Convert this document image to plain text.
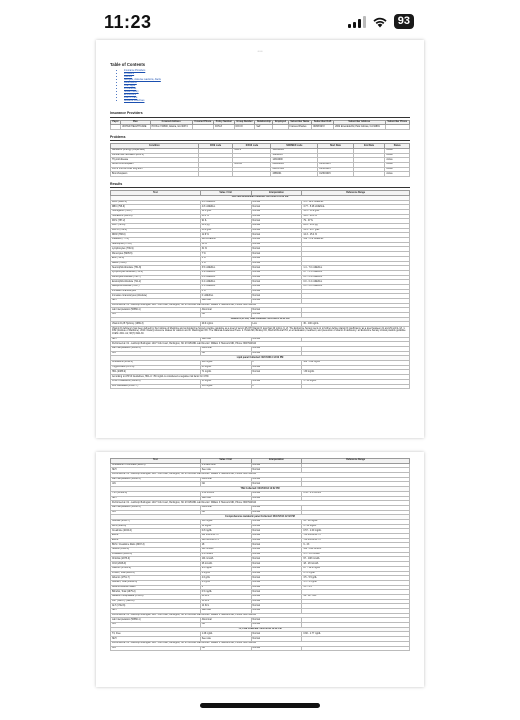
11:23	93
• • •
Table of Contents
• Insurance Providers
• Problems
• Results
• Allergies, Adverse reactions, Alerts
• Medications
• Vital Signs
• Procedures
• Social History
• Encounters
• Plan of Care
• Advance Directives
Insurance Providers
Payer	Plan	Covered Address	Covered Phone	Policy Number	Group Number	Relationship	Employed	Subscriber Name	Subscriber DoB	Subscriber Address	Subscriber Phone
	UNITED HEALTHCARE	PO Box 740800, Atlanta, GA 30374		DOV-8	DOV-8	Self		Frances Rhodes	08/08/1972	2062 Emeralda Rd, Palo Colinas, CA 92881	
Problems
Condition	ICD9 code	ICD10 code	SNOMED code	Start Date	End Date	Status
Backache (finding) (unspecified)		M54.9	161891005			Active
Lumbar disc herniation (M51.2)			11830004			Active
Thyroid disease			14304000			Active
Acute bronchospasm		R06.82	269966005	01/30/2015		Active
ICD-9 V58.69 Other long term			268517004	01/30/2015		Active
Bronchospasm			4386001	01/30/2015		Active
Results
Test	Value / Unit	Interpretation	Reference Range
CBC and differential Collected: 06/17/2014 12:02 PM			
WBC (WBC-3)	6.0 x10E3/uL	Normal	3.4 - 10.8 x10E3/uL
RBC (758-6)	4.8 x10E6/uL	Normal	3.77 - 5.28 x10E6/uL
Hemoglobin (718-7)	14.5 g/dL	Normal	11.1 - 15.9 g/dL
Hematocrit (4544-3)	43.5 %	Normal	34.0 - 46.6 %
MCV (787-2)	91 fL	Normal	79 - 97 fL
MCH (785-6)	30.5 pg	Normal	26.6 - 33.0 pg
MCHC (786-4)	33.4 g/dL	Normal	31.5 - 35.7 g/dL
RDW (788-0)	12.9 %	Normal	12.3 - 15.4 %
Platelets (777-3)	249 x10E3/uL	Normal	150 - 379 x10E3/uL
Neutrophils (770-8)	58 %	Normal	
Lymphocytes (736-9)	31 %	Normal	
Monocytes (5905-5)	7 %	Normal	
Eos (713-8)	3 %	Normal	
Basos (706-2)	1 %	Normal	
Neutrophils Absolute (751-8)	3.5 x10E3/uL	Normal	1.4 - 7.0 x10E3/uL
Lymphocytes Absolute (731-0)	1.9 x10E3/uL	Normal	0.7 - 3.1 x10E3/uL
Monocytes Absolute (742-7)	0.4 x10E3/uL	Normal	0.1 - 0.9 x10E3/uL
Eosinophils Absolute (711-2)	0.2 x10E3/uL	Normal	0.0 - 0.4 x10E3/uL
Basophils Absolute (704-7)	0.1 x10E3/uL	Normal	0.0 - 0.2 x10E3/uL
Immature Granulocytes	0 %	Normal	
Immature Granulocytes (Absolute)	0 x10E3/uL	Normal	
NkH	See note	Normal	
Performed at: 01 - LabCorp Burlington 1447 York Court, Burlington, NC 272153361 Lab Director: William F Hancock MD, Phone: 8007624344			
Lab Interpretation (56850-1)	Abnormal	Normal	
U/A	NA	Normal	
Vitamin D,25 OH, Total Collected: 06/17/2014 12:02 PM			
Vitamin D,25 Hydroxy (1989-3)	29.0 ng/mL	Low	30 - 100 ng/mL
Vitamin D deficiency has been defined by the Institute of Medicine and an Endocrine Society practice guideline as a level of serum 25-OH Vitamin D less than 20 ng/mL (1, 2). The Endocrine Society went on to further define vitamin D insufficiency as a level between 21 and 29 ng/mL (2). 1. IOM (Institute of Medicine). 2010. Dietary reference intakes for calcium and D. Washington DC: The National Academies Press. 2. Holick MF, Binkley NC, Bischoff-Ferrari HA, et al. Evaluation, treatment, and prevention of vitamin D deficiency: an Endocrine Society clinical practice guideline. JCEM. 2011 Jul; 96(7):1911-30.			
NkH	See note	Normal	
Performed at: 01 - LabCorp Burlington 1447 York Court, Burlington, NC 272153361 Lab Director: William F Hancock MD, Phone: 8007624344			
Lab Interpretation (56850-1)	Abnormal	Normal	
U/A	NA	Normal	
Lipid panel Collected: 06/17/2014 12:02 PM			
Cholesterol (2093-3)	208 mg/dL	H	100 - 199 mg/dL
Triglycerides (2571-8)	85 mg/dL	Normal	
HDL (2085-9)	71 mg/dL	Normal	>39 mg/dL
According to ATP-III Guidelines, HDL-C >59 mg/dL is considered a negative risk factor for CHD.			
VLDL Cholesterol (13458-5)	15 mg/dL	Normal	5 - 40 mg/dL
LDL Calculated (13457-7)	134 mg/dL	H	
Test	Value / Unit	Interpretation	Reference Range
Cholesterol / HDL Ratio (9830-1)	2.9 ratio units	Normal	
NkH	See note	Normal	
Performed at: 01 - LabCorp Burlington 1447 York Court, Burlington, NC 272153361 Lab Director: William F Hancock MD, Phone: 8007624344			
Lab Interpretation (56850-1)	Abnormal	Normal	
U/A	NA	Normal	
TSH Collected: 06/17/2014 12:02 PM			
TSH (11580-8)	1.33 uIU/mL	Normal	0.45 - 4.5 uIU/mL
NkH	See note	Normal	
Performed at: 01 - LabCorp Burlington 1447 York Court, Burlington, NC 272153361 Lab Director: William F Hancock MD, Phone: 8007624344			
Lab Interpretation (56850-1)	Abnormal	Normal	
U/A	NA	Normal	
Comprehensive metabolic panel Collected: 06/17/2014 12:02 PM			
Glucose (2345-7)	100 mg/dL	Normal	65 - 99 mg/dL
BUN (3094-0)	14 mg/dL	Normal	6 - 24 mg/dL
Creatinine (2160-0)	0.8 mg/dL	Normal	0.57 - 1.00 mg/dL
EGFR	111 mL/min/1.73	Normal	>59 mL/min/1.73
EGFR	128 mL/min/1.73	Normal	>59 mL/min/1.73
BUN / Creatinine Ratio (3097-3)	18	Normal	9 - 23
Sodium (2951-2)	141 mmol/L	Normal	134 - 144 mmol/L
Potassium (2823-3)	4.4 mmol/L	Normal	3.5 - 5.2 mmol/L
Chloride (2075-0)	101 mmol/L	Normal	97 - 108 mmol/L
CO2 (2028-9)	26 mmol/L	Normal	18 - 29 mmol/L
Calcium (17861-6)	9.6 mg/dL	Normal	8.7 - 10.2 mg/dL
Protein, Total (2885-2)	6.9 g/dL	Normal	6 - 8.5 g/dL
Albumin (1751-7)	4.6 g/dL	Normal	3.5 - 5.5 g/dL
Globulin, Total (10834-0)	2.3 g/dL	Normal	1.5 - 4.5 g/dL
Albumin/Globulin Ratio	2	Normal	1.1 - 2.5
Bilirubin, Total (1975-2)	0.5 mg/dL	Normal	
Alkaline Phosphatase (6768-6)	48 IU/L	Normal	39 - 117 IU/L
AST (SGOT) (1920-8)	18 IU/L	Normal	
ALT (1742-6)	14 IU/L	Normal	
NkH	See note	Normal	
Performed at: 01 - LabCorp Burlington 1447 York Court, Burlington, NC 272153361 Lab Director: William F Hancock MD, Phone: 8007624344			
Lab Interpretation (56850-1)	Abnormal	Normal	
U/A	NA	Normal	
T4, Free Collected: 06/17/2014 12:02 PM			
T4, Free	1.26 ng/dL	Normal	0.82 - 1.77 ng/dL
NkH	See note	Normal	
Performed at: 01 - LabCorp Burlington 1447 York Court, Burlington, NC 272153361 Lab Director: William F Hancock MD, Phone: 8007624344			
U/A	NA	Normal	
